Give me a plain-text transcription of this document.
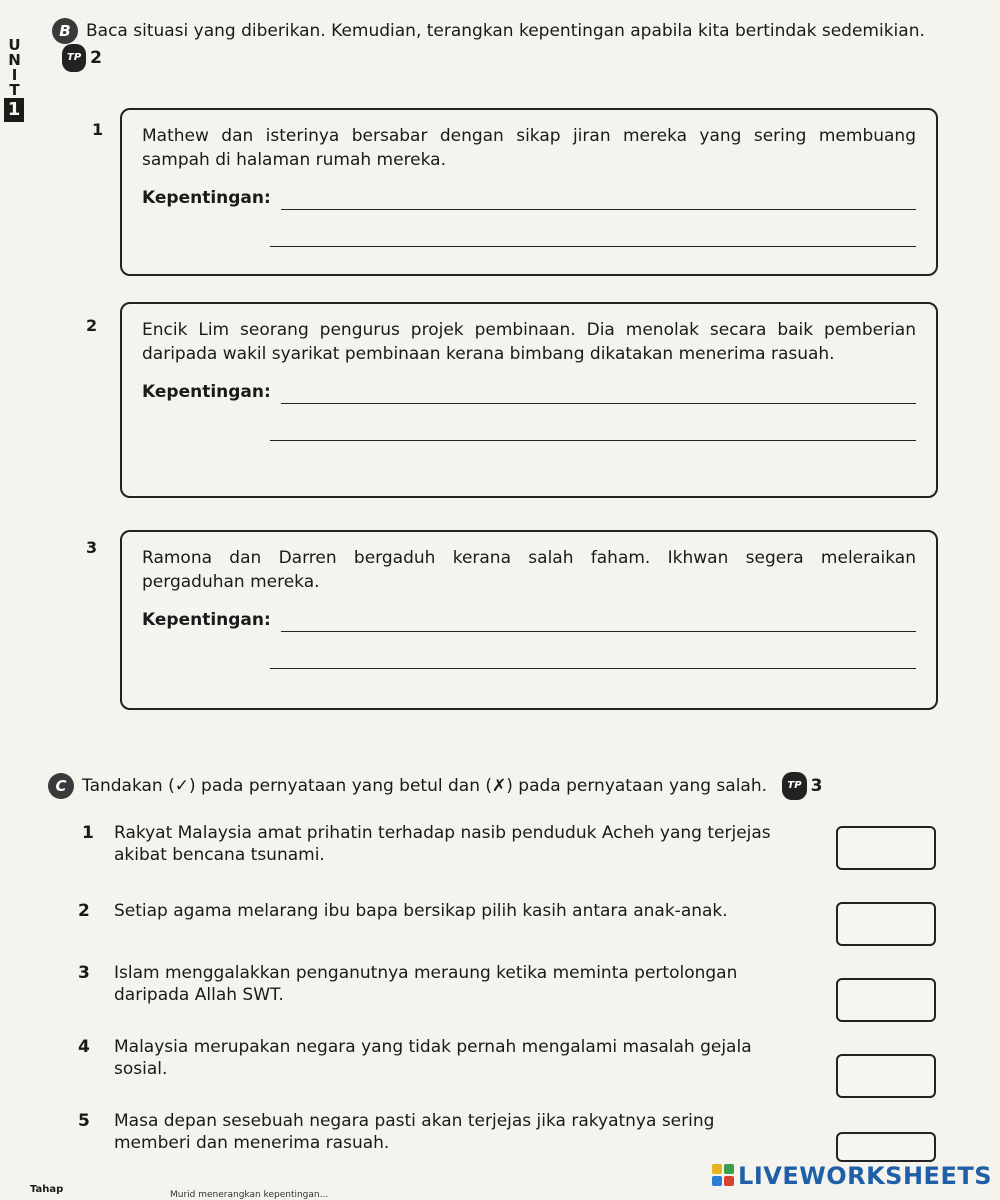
UNIT
1
B Baca situasi yang diberikan. Kemudian, terangkan kepentingan apabila kita bertindak sedemikian. TP 2
1 Mathew dan isterinya bersabar dengan sikap jiran mereka yang sering membuang sampah di halaman rumah mereka.

Kepentingan:
2	Encik Lim seorang pengurus projek pembinaan. Dia menolak secara baik pemberian daripada wakil syarikat pembinaan kerana bimbang dikatakan menerima rasuah.

Kepentingan:
3

Ramona dan Darren bergaduh kerana salah faham. Ikhwan segera meleraikan pergaduhan mereka.

Kepentingan:
C Tandakan (✓) pada pernyataan yang betul dan (✗) pada pernyataan yang salah. TP 3
1 Rakyat Malaysia amat prihatin terhadap nasib penduduk Acheh yang terjejas akibat bencana tsunami.
2 Setiap agama melarang ibu bapa bersikap pilih kasih antara anak-anak.
3 Islam menggalakkan penganutnya meraung ketika meminta pertolongan daripada Allah SWT.
4 Malaysia merupakan negara yang tidak pernah mengalami masalah gejala sosial.
5 Masa depan sesebuah negara pasti akan terjejas jika rakyatnya sering memberi dan menerima rasuah.
Tahap	Murid menerangkan kepentingan...
LIVEWORKSHEETS
